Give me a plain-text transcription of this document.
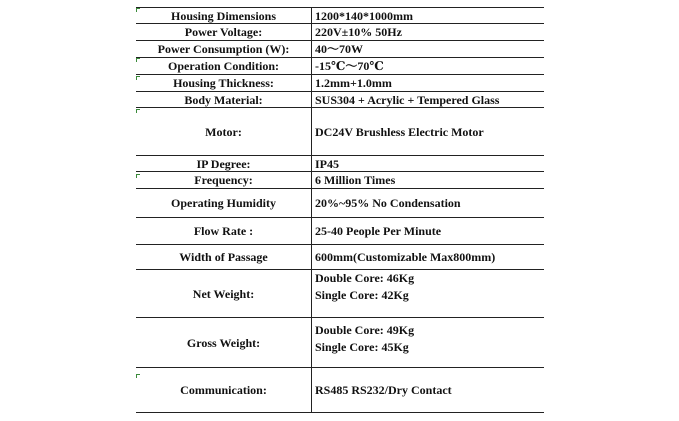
Housing Dimensions	1200*140*1000mm

Power Voltage:	220V±10% 50Hz

Power Consumption (W):	40～70W

Operation Condition:	-15℃～70℃

Housing Thickness:	1.2mm+1.0mm

Body Material:	SUS304 + Acrylic + Tempered Glass

Motor:	DC24V Brushless Electric Motor

IP Degree:	IP45

Frequency:	6 Million Times

Operating Humidity	20%~95% No Condensation

Flow Rate :	25-40 People Per Minute

Width of Passage	600mm(Customizable Max800mm)

Net Weight:	Double Core: 46Kg
Single Core: 42Kg

Gross Weight:	Double Core: 49Kg
Single Core: 45Kg

Communication:	RS485 RS232/Dry Contact
